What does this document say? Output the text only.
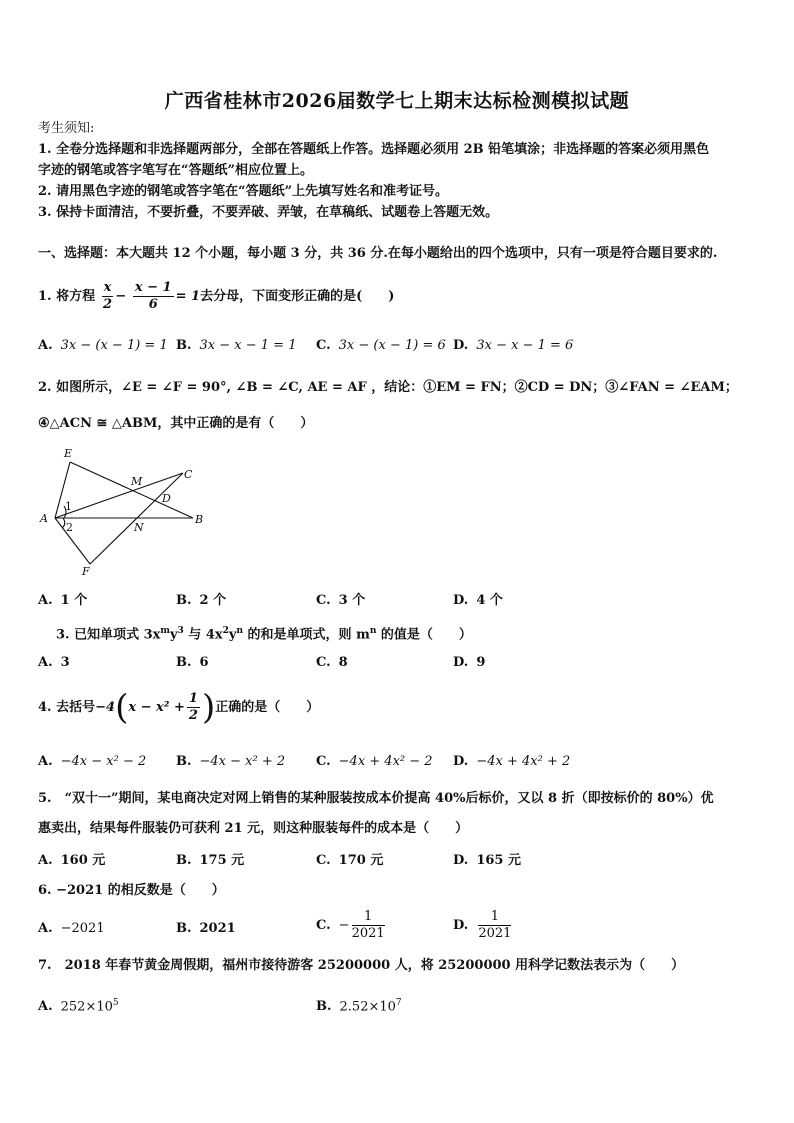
广西省桂林市2026届数学七上期末达标检测模拟试题
考生须知:
1. 全卷分选择题和非选择题两部分，全部在答题纸上作答。选择题必须用 2B 铅笔填涂；非选择题的答案必须用黑色
字迹的钢笔或答字笔写在“答题纸”相应位置上。
2. 请用黑色字迹的钢笔或答字笔在“答题纸”上先填写姓名和准考证号。
3. 保持卡面清洁，不要折叠，不要弄破、弄皱，在草稿纸、试题卷上答题无效。
一、选择题：本大题共 12 个小题，每小题 3 分，共 36 分.在每小题给出的四个选项中，只有一项是符合题目要求的.
1. 将方程 $\frac{x}{2} - \frac{x - 1}{6} = 1$去分母，下面变形正确的是(　　)
A. 3x − (x − 1) = 1 B. 3x − x − 1 = 1 C. 3x − (x − 1) = 6 D. 3x − x − 1 = 6
2. 如图所示，∠E = ∠F = 90°, ∠B = ∠C, AE = AF ，结论：①EM = FN；②CD = DN；③∠FAN = ∠EAM；
④△ACN ≅ △ABM，其中正确的是有（　　）
E
M
C
D
A
N
B
F
1
2
A. 1 个	B. 2 个	C. 3 个	D. 4 个
3. 已知单项式 $3x^my^3$ 与 $4x^2y^n$ 的和是单项式，则 $m^n$ 的值是（　　）
A. 3	B. 6	C. 8	D. 9
4. 去括号$-4(x - x^2 + \frac{1}{2}$ )正确的是（　　）
A. −4x − x² − 2 B. −4x − x² + 2 C. −4x + 4x² − 2 D. −4x + 4x² + 2
5.　“双十一”期间，某电商决定对网上销售的某种服装按成本价提高 40%后标价，又以 8 折（即按标价的 80%）优
惠卖出，结果每件服装仍可获利 21 元，则这种服装每件的成本是（　　）
A. 160 元	B. 175 元	C. 170 元	D. 165 元
6. −2021 的相反数是（　　）
A. −2021	B. 2021	C. − $\frac{1}{2021}$	D. $\frac{1}{2021}$
7.　2018 年春节黄金周假期，福州市接待游客 25200000 人，将 25200000 用科学记数法表示为（　　）
A. $252\times 10^5$	B. $2.52\times 10^7$
